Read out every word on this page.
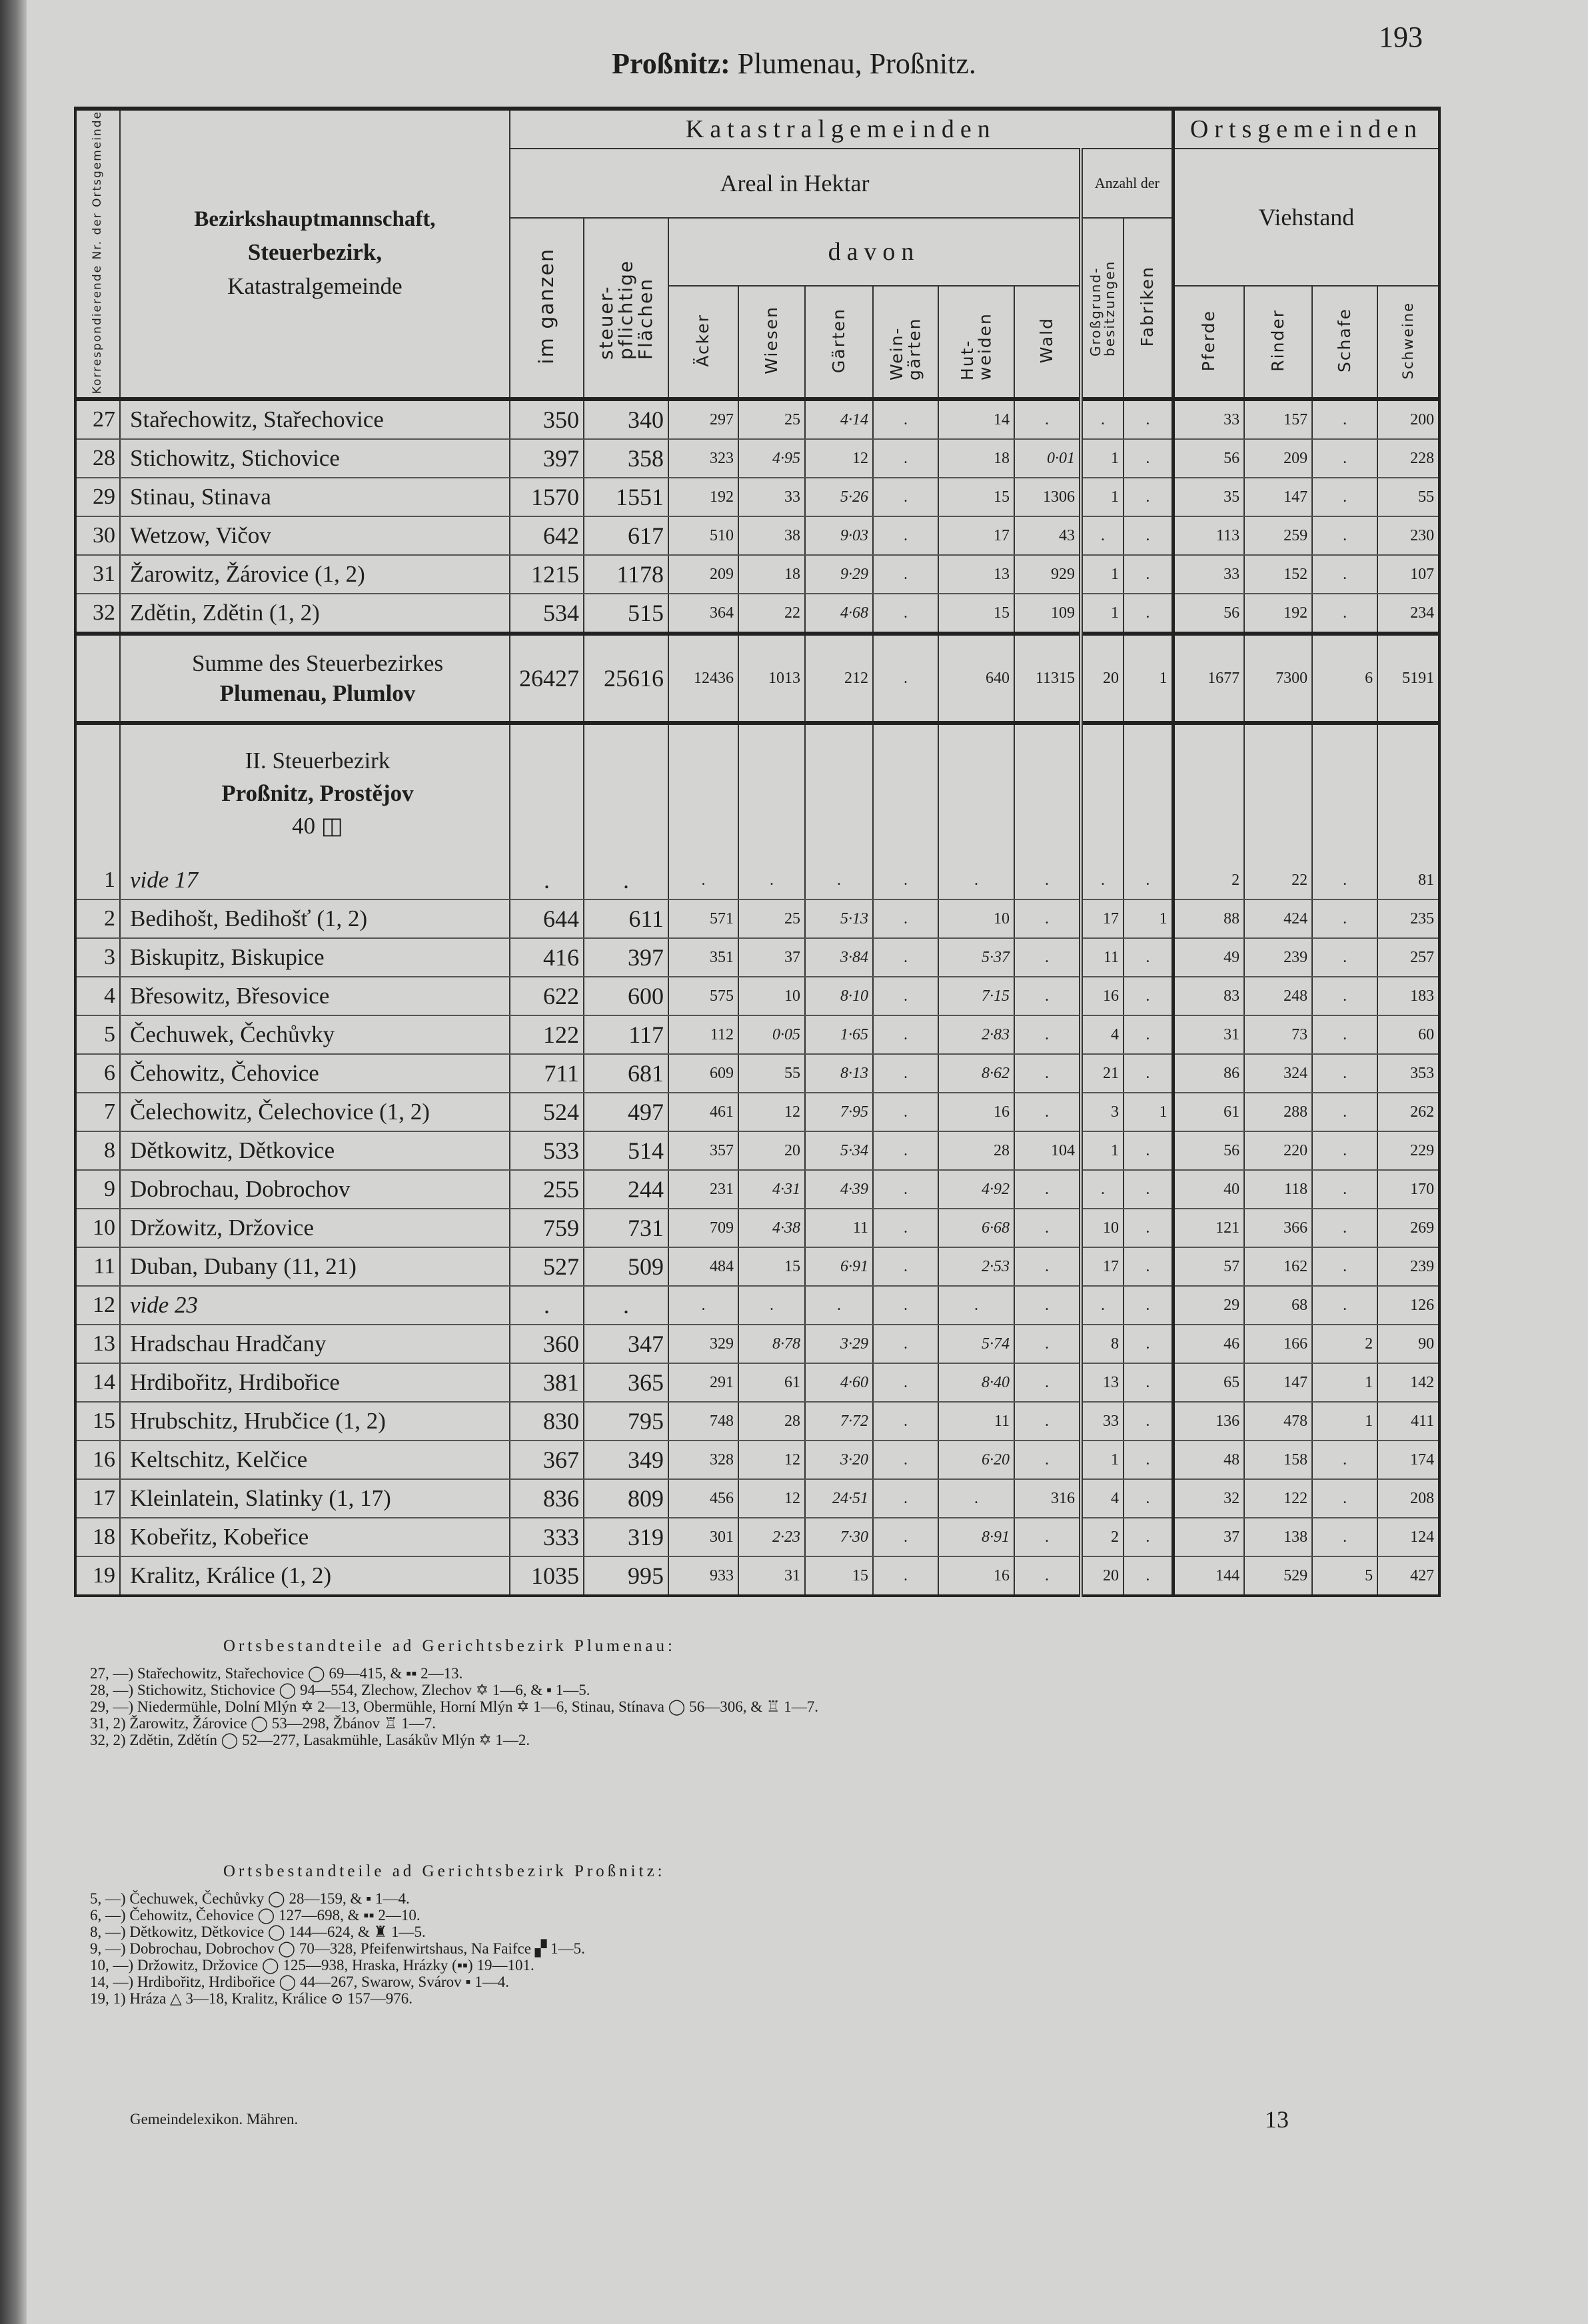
193
Proßnitz: Plumenau, Proßnitz.
Korrespondierende Nr. der Ortsgemeinde	Bezirkshauptmannschaft,
Steuerbezirk,
Katastralgemeinde	Katastralgemeinden										Ortsgemeinden			
		Areal in Hektar								Anzahl der		Viehstand			
		im ganzen	steuer-pflichtige Flächen	davon						Großgrund-besitzungen	Fabriken				
				Äcker	Wiesen	Gärten	Wein-gärten	Hut-weiden	Wald			Pferde	Rinder	Schafe	Schweine
27	Stařechowitz, Stařechovice	350	340	297	25	4·14	.	14	.	.	.	33	157	.	200
28	Stichowitz, Stichovice	397	358	323	4·95	12	.	18	0·01	1	.	56	209	.	228
29	Stinau, Stinava	1570	1551	192	33	5·26	.	15	1306	1	.	35	147	.	55
30	Wetzow, Vičov	642	617	510	38	9·03	.	17	43	.	.	113	259	.	230
31	Žarowitz, Žárovice (1, 2)	1215	1178	209	18	9·29	.	13	929	1	.	33	152	.	107
32	Zdětin, Zdětin (1, 2)	534	515	364	22	4·68	.	15	109	1	.	56	192	.	234
	Summe des Steuerbezirkes
Plumenau, Plumlov	26427	25616	12436	1013	212	.	640	11315	20	1	1677	7300	6	5191

	II. Steuerbezirk
Proßnitz, Prostějov
40 ◫														

1	vide 17	.	.	.	.	.	.	.	.	.	.	2	22	.	81
2	Bedihošt, Bedihošť (1, 2)	644	611	571	25	5·13	.	10	.	17	1	88	424	.	235
3	Biskupitz, Biskupice	416	397	351	37	3·84	.	5·37	.	11	.	49	239	.	257
4	Břesowitz, Břesovice	622	600	575	10	8·10	.	7·15	.	16	.	83	248	.	183
5	Čechuwek, Čechůvky	122	117	112	0·05	1·65	.	2·83	.	4	.	31	73	.	60
6	Čehowitz, Čehovice	711	681	609	55	8·13	.	8·62	.	21	.	86	324	.	353
7	Čelechowitz, Čelechovice (1, 2)	524	497	461	12	7·95	.	16	.	3	1	61	288	.	262
8	Dětkowitz, Dětkovice	533	514	357	20	5·34	.	28	104	1	.	56	220	.	229
9	Dobrochau, Dobrochov	255	244	231	4·31	4·39	.	4·92	.	.	.	40	118	.	170
10	Držowitz, Držovice	759	731	709	4·38	11	.	6·68	.	10	.	121	366	.	269
11	Duban, Dubany (11, 21)	527	509	484	15	6·91	.	2·53	.	17	.	57	162	.	239
12	vide 23	.	.	.	.	.	.	.	.	.	.	29	68	.	126
13	Hradschau Hradčany	360	347	329	8·78	3·29	.	5·74	.	8	.	46	166	2	90
14	Hrdibořitz, Hrdibořice	381	365	291	61	4·60	.	8·40	.	13	.	65	147	1	142
15	Hrubschitz, Hrubčice (1, 2)	830	795	748	28	7·72	.	11	.	33	.	136	478	1	411
16	Keltschitz, Kelčice	367	349	328	12	3·20	.	6·20	.	1	.	48	158	.	174
17	Kleinlatein, Slatinky (1, 17)	836	809	456	12	24·51	.	.	316	4	.	32	122	.	208
18	Kobeřitz, Kobeřice	333	319	301	2·23	7·30	.	8·91	.	2	.	37	138	.	124
19	Kralitz, Králice (1, 2)	1035	995	933	31	15	.	16	.	20	.	144	529	5	427
Ortsbestandteile ad Gerichtsbezirk Plumenau:
27, —) Stařechowitz, Stařechovice ◯ 69—415, & ▪▪ 2—13.
28, —) Stichowitz, Stichovice ◯ 94—554, Zlechow, Zlechov ✡ 1—6, & ▪ 1—5.
29, —) Niedermühle, Dolní Mlýn ✡ 2—13, Obermühle, Horní Mlýn ✡ 1—6, Stinau, Stínava ◯ 56—306, & ♖ 1—7.
31, 2) Žarowitz, Žárovice ◯ 53—298, Žbánov ♖ 1—7.
32, 2) Zdětin, Zdětín ◯ 52—277, Lasakmühle, Lasákův Mlýn ✡ 1—2.
Ortsbestandteile ad Gerichtsbezirk Proßnitz:
5, —) Čechuwek, Čechůvky ◯ 28—159, & ▪ 1—4.
6, —) Čehowitz, Čehovice ◯ 127—698, & ▪▪ 2—10.
8, —) Dětkowitz, Dětkovice ◯ 144—624, & ♜ 1—5.
9, —) Dobrochau, Dobrochov ◯ 70—328, Pfeifenwirtshaus, Na Faifce ▞ 1—5.
10, —) Držowitz, Držovice ◯ 125—938, Hraska, Hrázky (▪▪) 19—101.
14, —) Hrdibořitz, Hrdibořice ◯ 44—267, Swarow, Svárov ▪ 1—4.
19, 1) Hráza △ 3—18, Kralitz, Králice ⊙ 157—976.
Gemeindelexikon. Mähren.	13
